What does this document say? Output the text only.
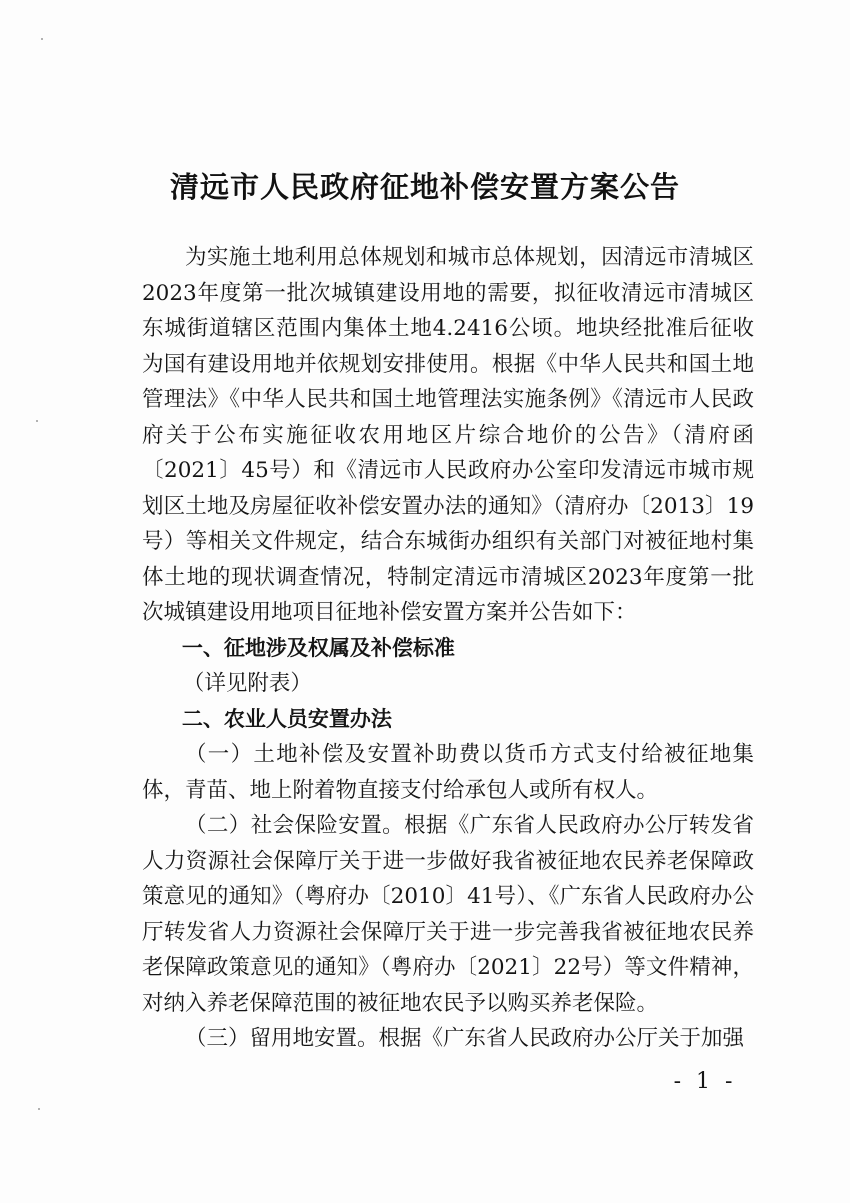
清远市人民政府征地补偿安置方案公告

为实施土地利用总体规划和城市总体规划，因清远市清城区2023年度第一批次城镇建设用地的需要，拟征收清远市清城区东城街道辖区范围内集体土地4.2416公顷。地块经批准后征收为国有建设用地并依规划安排使用。根据《中华人民共和国土地管理法》《中华人民共和国土地管理法实施条例》《清远市人民政府关于公布实施征收农用地区片综合地价的公告》（清府函〔2021〕45号）和《清远市人民政府办公室印发清远市城市规划区土地及房屋征收补偿安置办法的通知》（清府办〔2013〕19号）等相关文件规定，结合东城街办组织有关部门对被征地村集体土地的现状调查情况，特制定清远市清城区2023年度第一批次城镇建设用地项目征地补偿安置方案并公告如下：

一、征地涉及权属及补偿标准

（详见附表）

二、农业人员安置办法

（一）土地补偿及安置补助费以货币方式支付给被征地集体，青苗、地上附着物直接支付给承包人或所有权人。

（二）社会保险安置。根据《广东省人民政府办公厅转发省人力资源社会保障厅关于进一步做好我省被征地农民养老保障政策意见的通知》（粤府办〔2010〕41号）、《广东省人民政府办公厅转发省人力资源社会保障厅关于进一步完善我省被征地农民养老保障政策意见的通知》（粤府办〔2021〕22号）等文件精神，对纳入养老保障范围的被征地农民予以购买养老保险。

（三）留用地安置。根据《广东省人民政府办公厅关于加强

- 1 -
